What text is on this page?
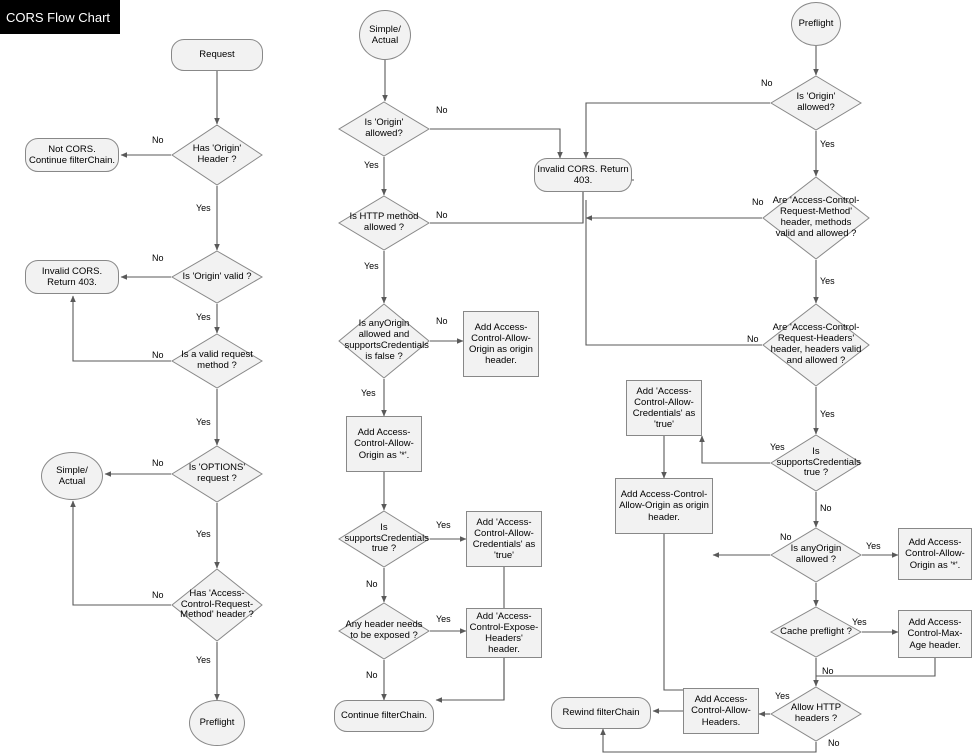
CORS Flow Chart
Request
Has 'Origin' Header ?
Not CORS. Continue filterChain.
Is 'Origin' valid ?
Invalid CORS. Return 403.
Is a valid request method ?
Is 'OPTIONS' request ?
Simple/ Actual
Has 'Access-Control-Request-Method' header ?
Preflight
Simple/ Actual
Is 'Origin' allowed?
Invalid CORS. Return 403.
Is HTTP method allowed ?
Is anyOrigin allowed and supportsCredentials is false ?
Add Access-Control-Allow-Origin as origin header.
Add Access-Control-Allow-Origin as '*'.
Is supportsCredentials true ?
Add 'Access-Control-Allow-Credentials' as 'true'
Any header needs to be exposed ?
Add 'Access-Control-Expose-Headers' header.
Continue filterChain.
Preflight
Is 'Origin' allowed?
Are 'Access-Control-Request-Method' header, methods valid and allowed ?
Are 'Access-Control-Request-Headers' header, headers valid and allowed ?
Is supportsCredentials true ?
Add 'Access-Control-Allow-Credentials' as 'true'
Add Access-Control-Allow-Origin as origin header.
Is anyOrigin allowed ?
Add Access-Control-Allow-Origin as '*'.
Cache preflight ?
Add Access-Control-Max-Age header.
Allow HTTP headers ?
Add Access-Control-Allow-Headers.
Rewind filterChain
No
Yes
No
Yes
No
Yes
No
Yes
No
Yes
No
Yes
No
Yes
No
Yes
Yes
No
Yes
No
No
Yes
No
Yes
No
Yes
Yes
No
No
Yes
Yes
No
Yes
No
